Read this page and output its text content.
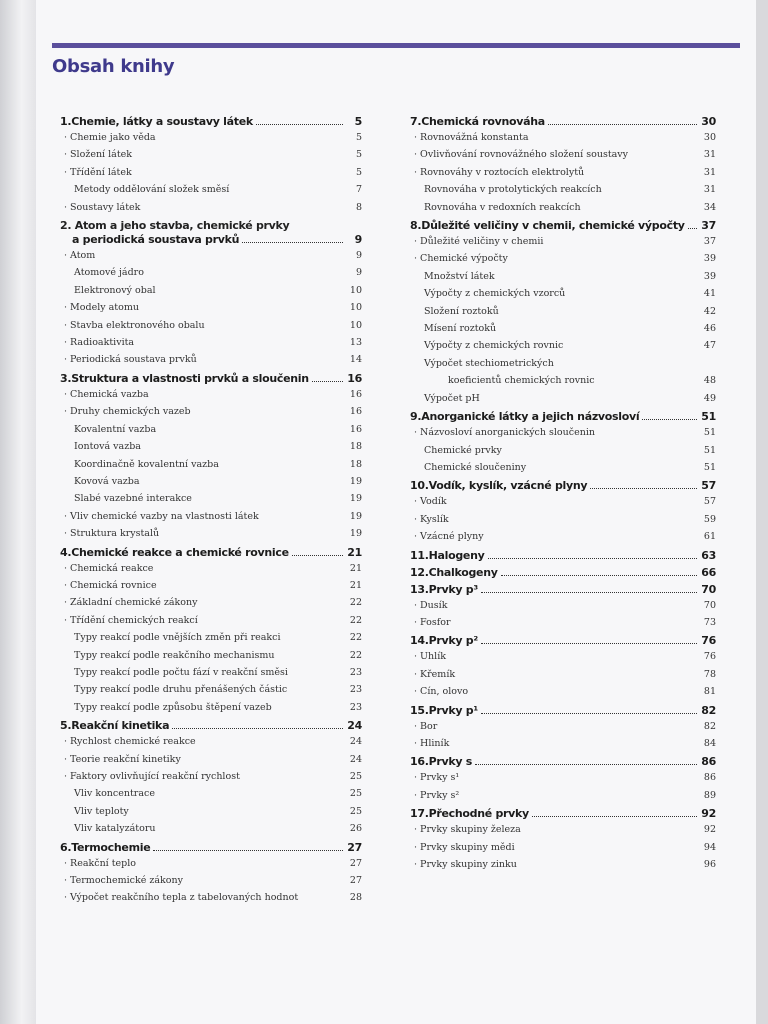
Obsah knihy
1. Chemie, látky a soustavy látek	5
· Chemie jako věda	5
· Složení látek	5
· Třídění látek	5
Metody oddělování složek směsí	7
· Soustavy látek	8
2. Atom a jeho stavba, chemické prvky
a periodická soustava prvků	9
· Atom	9
Atomové jádro	9
Elektronový obal	10
· Modely atomu	10
· Stavba elektronového obalu	10
· Radioaktivita	13
· Periodická soustava prvků	14
3. Struktura a vlastnosti prvků a sloučenin	16
· Chemická vazba	16
· Druhy chemických vazeb	16
Kovalentní vazba	16
Iontová vazba	18
Koordinačně kovalentní vazba	18
Kovová vazba	19
Slabé vazebné interakce	19
· Vliv chemické vazby na vlastnosti látek	19
· Struktura krystalů	19
4. Chemické reakce a chemické rovnice	21
· Chemická reakce	21
· Chemická rovnice	21
· Základní chemické zákony	22
· Třídění chemických reakcí	22
Typy reakcí podle vnějších změn při reakci	22
Typy reakcí podle reakčního mechanismu	22
Typy reakcí podle počtu fází v reakční směsi	23
Typy reakcí podle druhu přenášených částic	23
Typy reakcí podle způsobu štěpení vazeb	23
5. Reakční kinetika	24
· Rychlost chemické reakce	24
· Teorie reakční kinetiky	24
· Faktory ovlivňující reakční rychlost	25
Vliv koncentrace	25
Vliv teploty	25
Vliv katalyzátoru	26
6. Termochemie	27
· Reakční teplo	27
· Termochemické zákony	27
· Výpočet reakčního tepla z tabelovaných hodnot	28
7. Chemická rovnováha	30
· Rovnovážná konstanta	30
· Ovlivňování rovnovážného složení soustavy	31
· Rovnováhy v roztocích elektrolytů	31
Rovnováha v protolytických reakcích	31
Rovnováha v redoxních reakcích	34
8. Důležité veličiny v chemii, chemické výpočty 37
· Důležité veličiny v chemii	37
· Chemické výpočty	39
Množství látek	39
Výpočty z chemických vzorců	41
Složení roztoků	42
Mísení roztoků	46
Výpočty z chemických rovnic	47
Výpočet stechiometrických
koeficientů chemických rovnic	48
Výpočet pH	49
9. Anorganické látky a jejich názvosloví	51
· Názvosloví anorganických sloučenin	51
Chemické prvky	51
Chemické sloučeniny	51
10. Vodík, kyslík, vzácné plyny	57
· Vodík	57
· Kyslík	59
· Vzácné plyny	61
11. Halogeny	63
12. Chalkogeny	66
13. Prvky p³	70
· Dusík	70
· Fosfor	73
14. Prvky p²	76
· Uhlík	76
· Křemík	78
· Cín, olovo	81
15. Prvky p¹	82
· Bor	82
· Hliník	84
16. Prvky s	86
· Prvky s¹	86
· Prvky s²	89
17. Přechodné prvky	92
· Prvky skupiny železa	92
· Prvky skupiny mědi	94
· Prvky skupiny zinku	96
